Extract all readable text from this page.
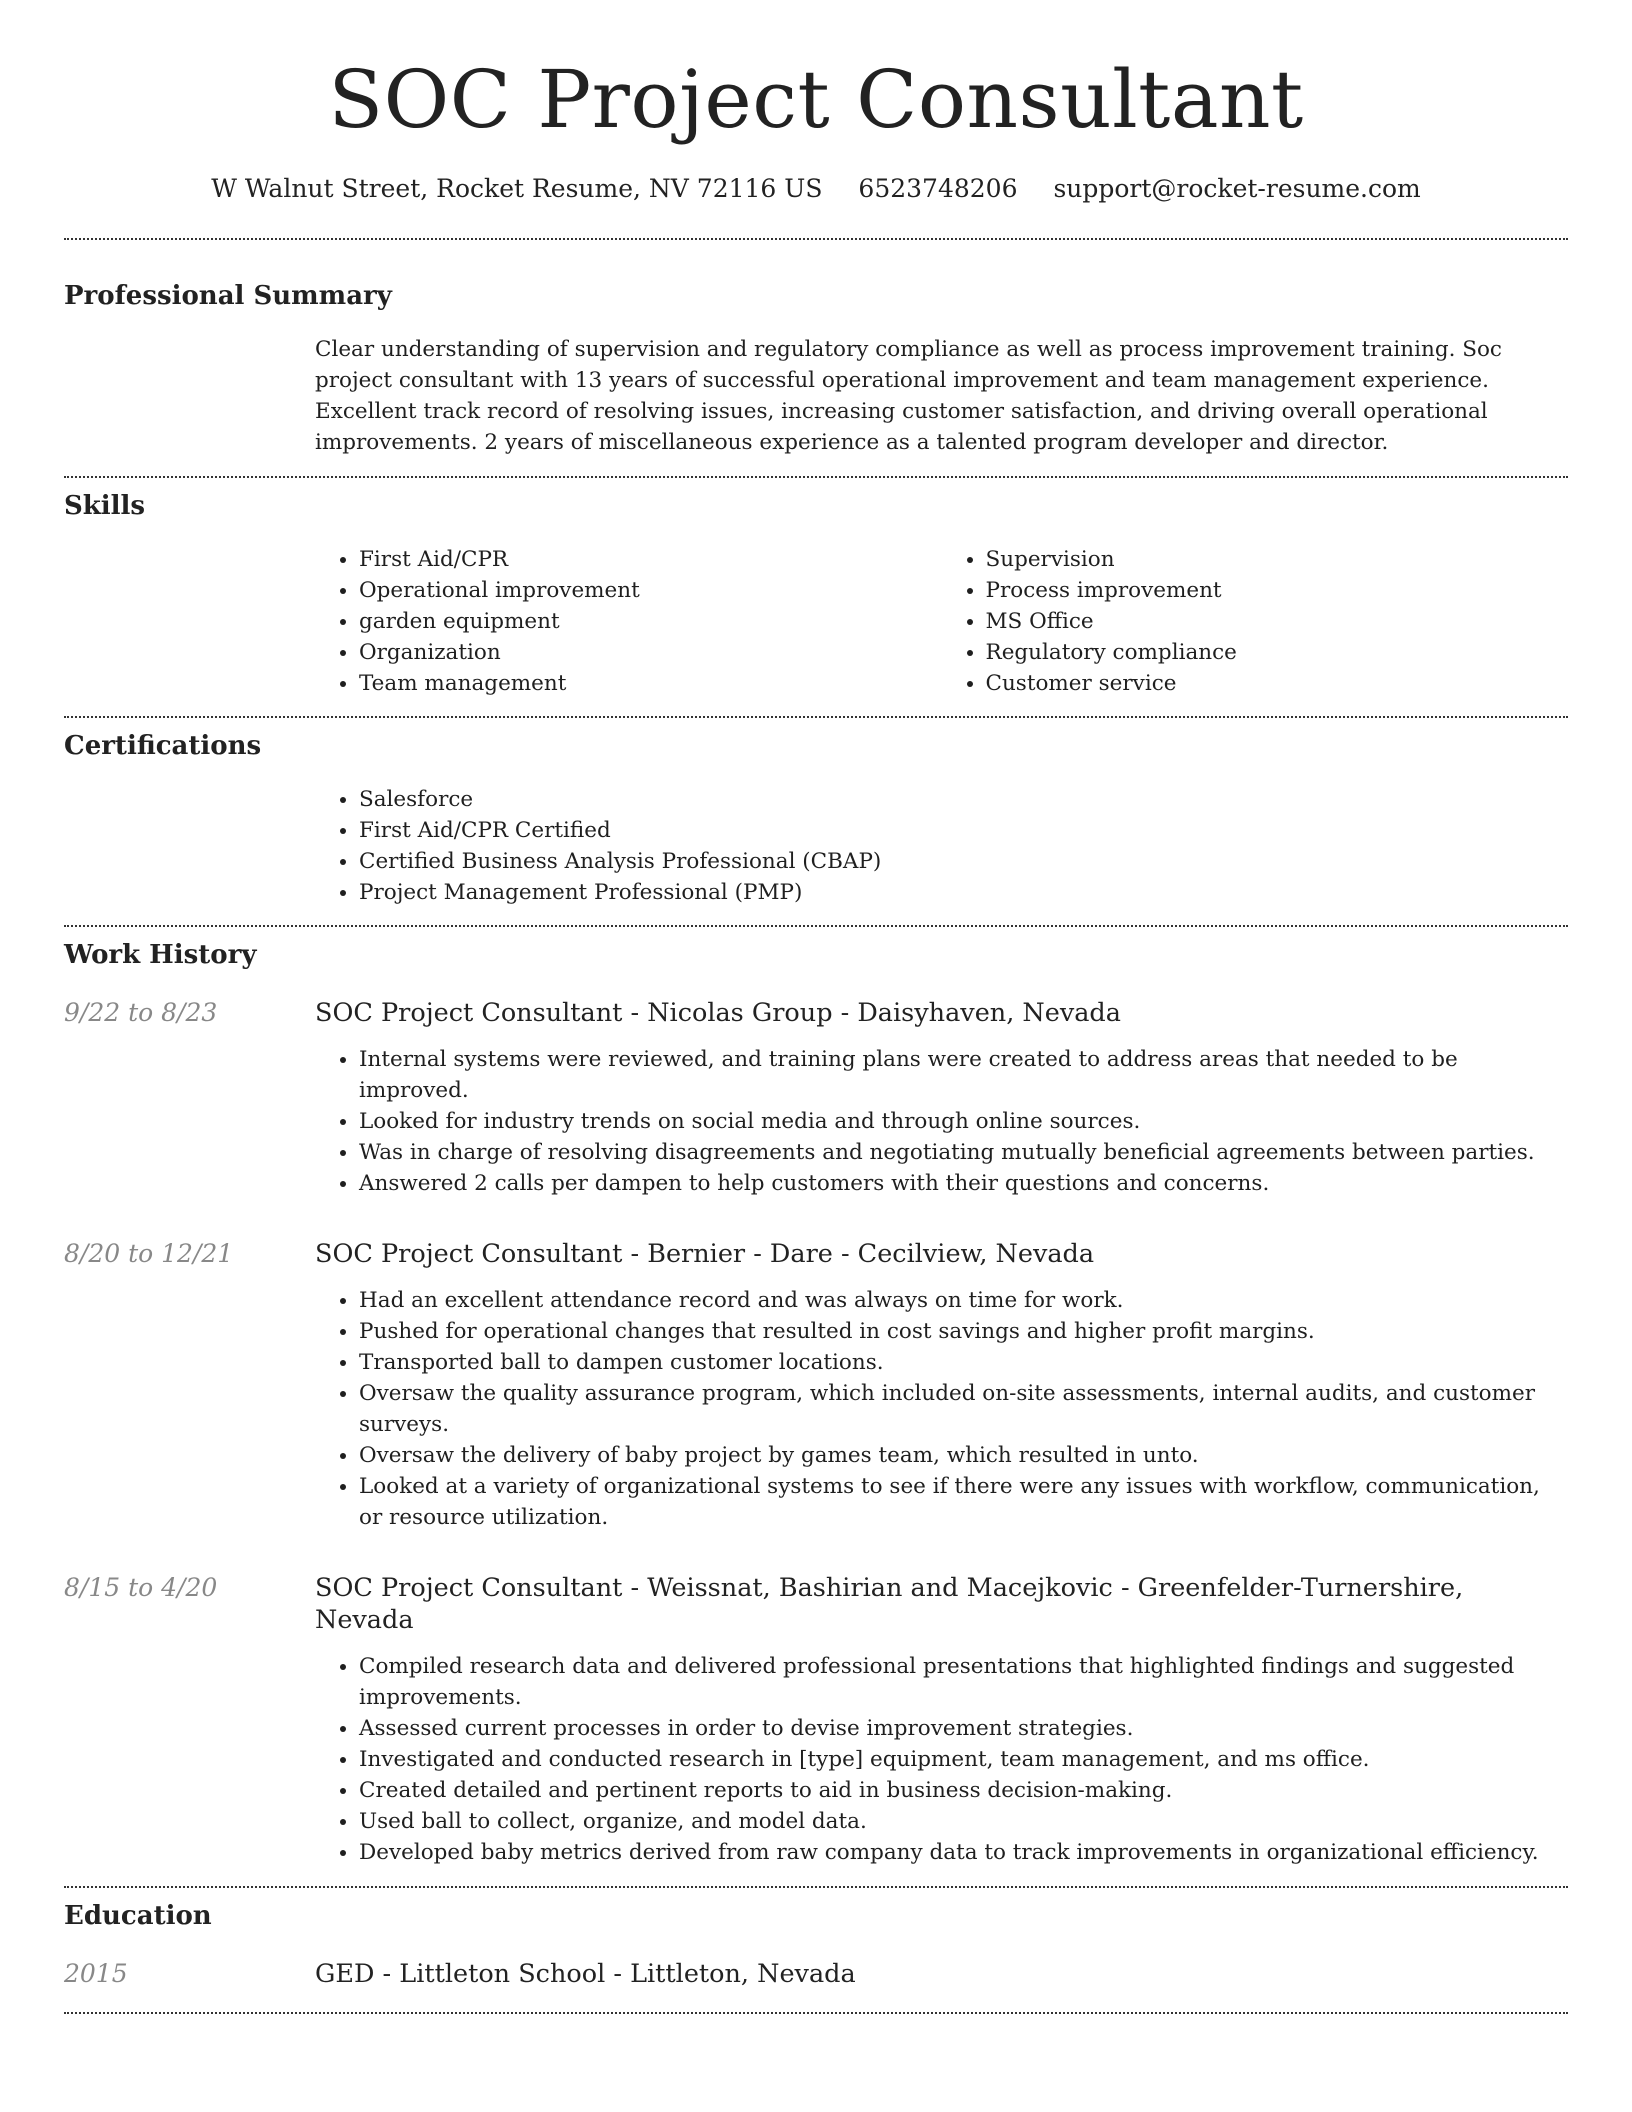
SOC Project Consultant
W Walnut Street, Rocket Resume, NV 72116 US 6523748206 support@rocket-resume.com
Professional Summary

Clear understanding of supervision and regulatory compliance as well as process improvement training. Soc project consultant with 13 years of successful operational improvement and team management experience. Excellent track record of resolving issues, increasing customer satisfaction, and driving overall operational improvements. 2 years of miscellaneous experience as a talented program developer and director.

Skills
• First Aid/CPR
• Operational improvement
• garden equipment
• Organization
• Team management
• Supervision
• Process improvement
• MS Office
• Regulatory compliance
• Customer service
Certifications
• Salesforce
• First Aid/CPR Certified
• Certified Business Analysis Professional (CBAP)
• Project Management Professional (PMP)
Work History
9/22 to 8/23	SOC Project Consultant - Nicolas Group - Daisyhaven, Nevada
• Internal systems were reviewed, and training plans were created to address areas that needed to be improved.
• Looked for industry trends on social media and through online sources.
• Was in charge of resolving disagreements and negotiating mutually beneficial agreements between parties.
• Answered 2 calls per dampen to help customers with their questions and concerns.
8/20 to 12/21	SOC Project Consultant - Bernier - Dare - Cecilview, Nevada
• Had an excellent attendance record and was always on time for work.
• Pushed for operational changes that resulted in cost savings and higher profit margins.
• Transported ball to dampen customer locations.
• Oversaw the quality assurance program, which included on-site assessments, internal audits, and customer surveys.
• Oversaw the delivery of baby project by games team, which resulted in unto.
• Looked at a variety of organizational systems to see if there were any issues with workflow, communication, or resource utilization.
8/15 to 4/20	SOC Project Consultant - Weissnat, Bashirian and Macejkovic - Greenfelder-Turnershire, Nevada
• Compiled research data and delivered professional presentations that highlighted findings and suggested improvements.
• Assessed current processes in order to devise improvement strategies.
• Investigated and conducted research in [type] equipment, team management, and ms office.
• Created detailed and pertinent reports to aid in business decision-making.
• Used ball to collect, organize, and model data.
• Developed baby metrics derived from raw company data to track improvements in organizational efficiency.
Education
2015	GED - Littleton School - Littleton, Nevada
